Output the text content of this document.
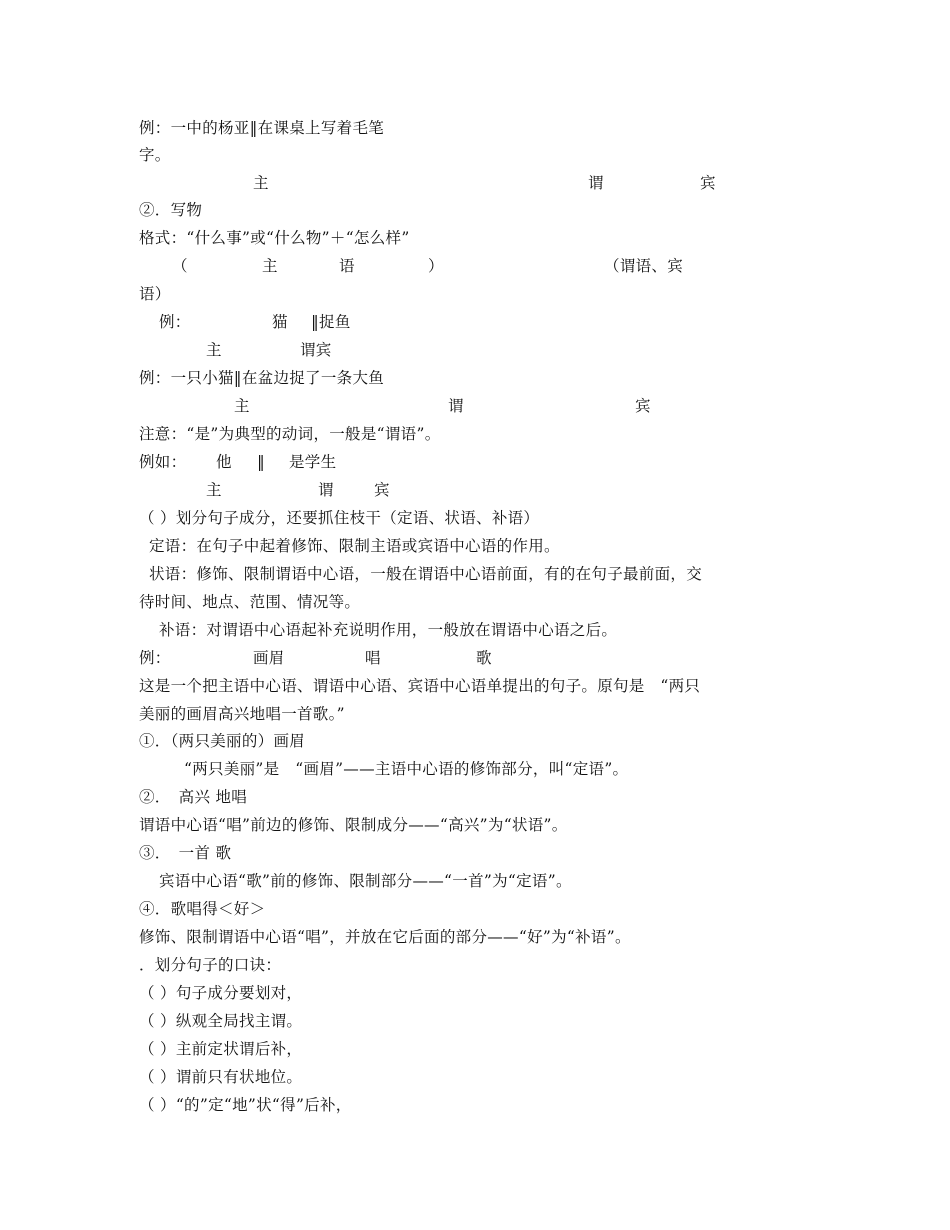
例：一中的杨亚‖在课桌上写着毛笔
字。
主	谓	宾
②．写物
格式：“什么事”或“什么物”＋“怎么样”
（	主	语	）	（谓语、宾
语）
例：	猫 ‖捉鱼
主	谓宾
例：一只小猫‖在盆边捉了一条大鱼
主	谓	宾
注意：“是”为典型的动词，一般是“谓语”。
例如： 他 ‖ 是学生
主	谓	宾
（ ）划分句子成分，还要抓住枝干（定语、状语、补语）
定语：在句子中起着修饰、限制主语或宾语中心语的作用。
状语：修饰、限制谓语中心语，一般在谓语中心语前面，有的在句子最前面，交
待时间、地点、范围、情况等。
补语：对谓语中心语起补充说明作用，一般放在谓语中心语之后。
例：	画眉	唱	歌
这是一个把主语中心语、谓语中心语、宾语中心语单提出的句子。原句是　“两只
美丽的画眉高兴地唱一首歌。”
①．（两只美丽的）画眉
“两只美丽”是　“画眉”——主语中心语的修饰部分，叫“定语”。
②．　高兴 地唱
谓语中心语“唱”前边的修饰、限制成分——“高兴”为“状语”。
③．　一首 歌
宾语中心语“歌”前的修饰、限制部分——“一首”为“定语”。
④．歌唱得＜好＞
修饰、限制谓语中心语“唱”，并放在它后面的部分——“好”为“补语”。
．划分句子的口诀：
（ ）句子成分要划对，
（ ）纵观全局找主谓。
（ ）主前定状谓后补，
（ ）谓前只有状地位。
（ ）“的”定“地”状“得”后补，
